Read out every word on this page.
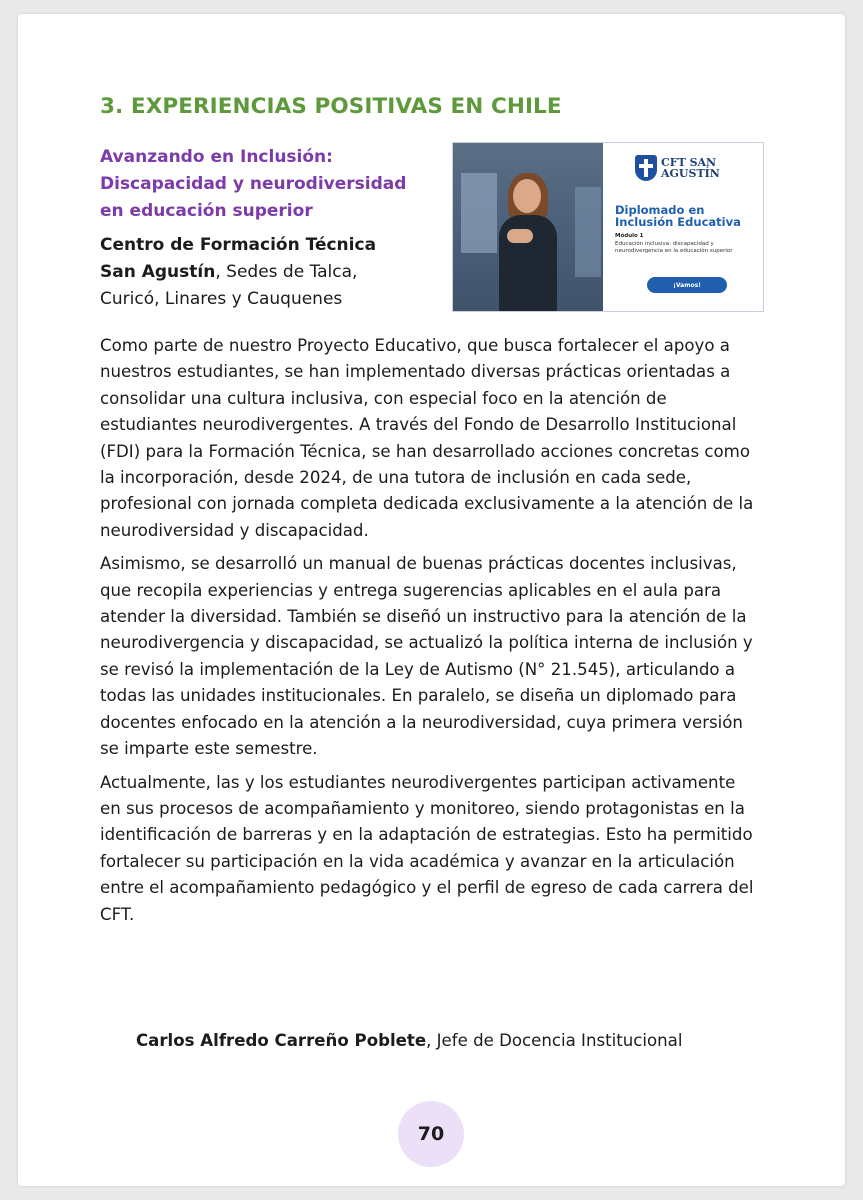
3. EXPERIENCIAS POSITIVAS EN CHILE
Avanzando en Inclusión:
Discapacidad y neurodiversidad
en educación superior
Centro de Formación Técnica
San Agustín, Sedes de Talca,
Curicó, Linares y Cauquenes
CFT SAN
AGUSTÍN
Diplomado en
Inclusión Educativa
Módulo 1
Educación inclusiva: discapacidad y neurodivergencia en la educación superior
¡Vamos!

Como parte de nuestro Proyecto Educativo, que busca fortalecer el apoyo a nuestros estudiantes, se han implementado diversas prácticas orientadas a consolidar una cultura inclusiva, con especial foco en la atención de estudiantes neurodivergentes. A través del Fondo de Desarrollo Institucional (FDI) para la Formación Técnica, se han desarrollado acciones concretas como la incorporación, desde 2024, de una tutora de inclusión en cada sede, profesional con jornada completa dedicada exclusivamente a la atención de la neurodiversidad y discapacidad.

Asimismo, se desarrolló un manual de buenas prácticas docentes inclusivas, que recopila experiencias y entrega sugerencias aplicables en el aula para atender la diversidad. También se diseñó un instructivo para la atención de la neurodivergencia y discapacidad, se actualizó la política interna de inclusión y se revisó la implementación de la Ley de Autismo (N° 21.545), articulando a todas las unidades institucionales. En paralelo, se diseña un diplomado para docentes enfocado en la atención a la neurodiversidad, cuya primera versión se imparte este semestre.

Actualmente, las y los estudiantes neurodivergentes participan activamente en sus procesos de acompañamiento y monitoreo, siendo protagonistas en la identificación de barreras y en la adaptación de estrategias. Esto ha permitido fortalecer su participación en la vida académica y avanzar en la articulación entre el acompañamiento pedagógico y el perfil de egreso de cada carrera del CFT.

Carlos Alfredo Carreño Poblete, Jefe de Docencia Institucional
70
